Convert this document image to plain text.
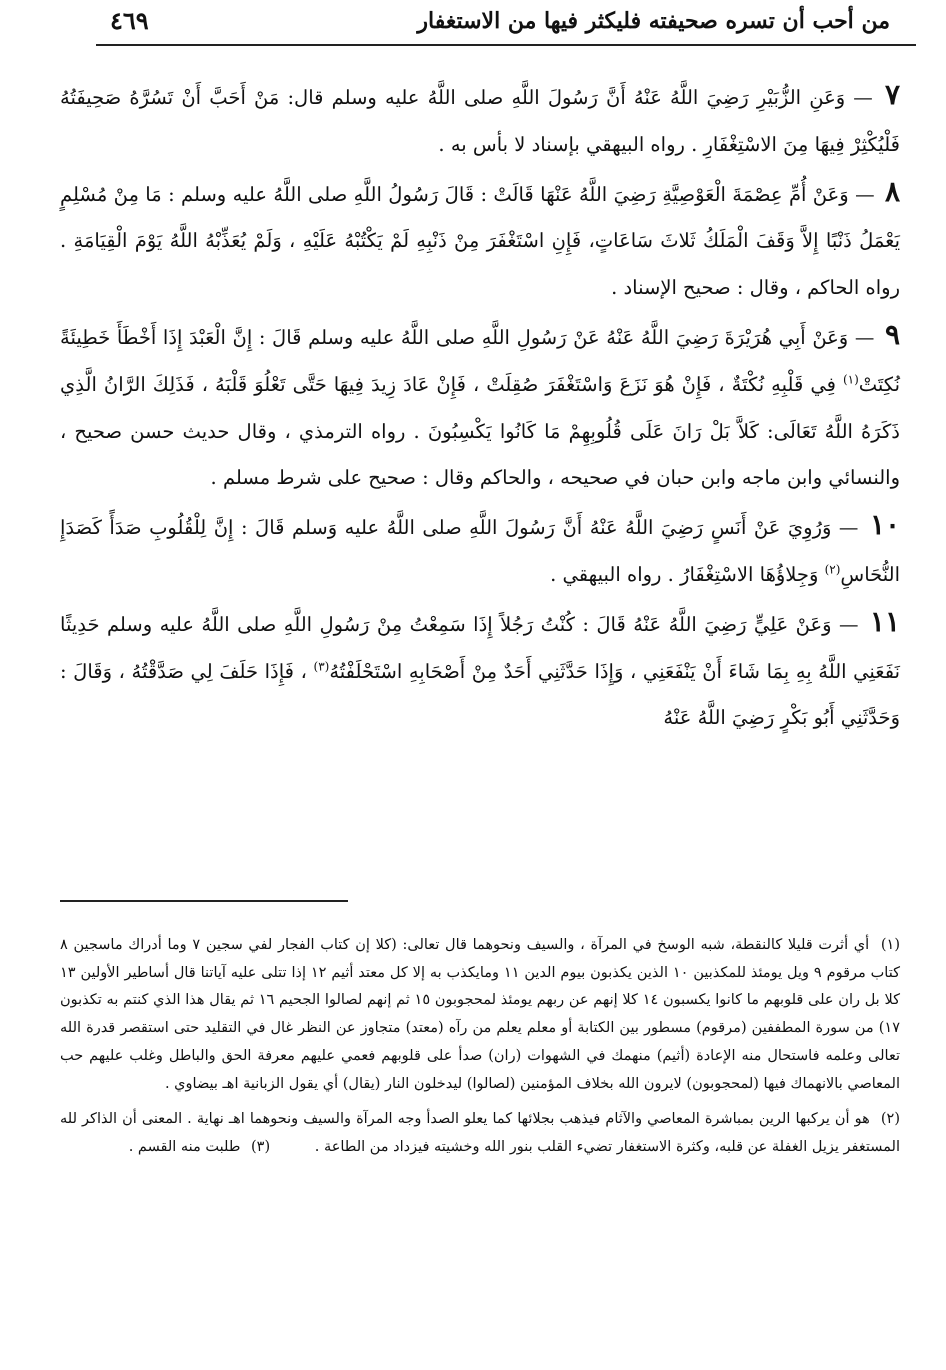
من أحب أن تسره صحيفته فليكثر فيها من الاستغفار
٤٦٩

٧ — وَعَنِ الزُّبَيْرِ رَضِيَ اللَّهُ عَنْهُ أَنَّ رَسُولَ اللَّهِ صلى اللَّهُ عليه وسلم قال: مَنْ أَحَبَّ أَنْ تَسُرَّهُ صَحِيفَتُهُ فَلْيُكْثِرْ فِيهَا مِنَ الاسْتِغْفَارِ . رواه البيهقي بإسناد لا بأس به .

٨ — وَعَنْ أُمِّ عِصْمَةَ الْعَوْصِيَّةِ رَضِيَ اللَّهُ عَنْهَا قَالَتْ : قَالَ رَسُولُ اللَّهِ صلى اللَّهُ عليه وسلم : مَا مِنْ مُسْلِمٍ يَعْمَلُ ذَنْبًا إِلاَّ وَقَفَ الْمَلَكُ ثَلاثَ سَاعَاتٍ، فَإِنِ اسْتَغْفَرَ مِنْ ذَنْبِهِ لَمْ يَكْتُبْهُ عَلَيْهِ ، وَلَمْ يُعَذِّبْهُ اللَّهُ يَوْمَ الْقِيَامَةِ . رواه الحاكم ، وقال : صحيح الإسناد .

٩ — وَعَنْ أَبِي هُرَيْرَةَ رَضِيَ اللَّهُ عَنْهُ عَنْ رَسُولِ اللَّهِ صلى اللَّهُ عليه وسلم قَالَ : إِنَّ الْعَبْدَ إِذَا أَخْطَأَ خَطِيئَةً نُكِتَتْ$^{(١)}$ فِي قَلْبِهِ نُكْتَةٌ ، فَإِنْ هُوَ نَزَعَ وَاسْتَغْفَرَ صُقِلَتْ ، فَإِنْ عَادَ زِيدَ فِيهَا حَتَّى تَعْلُوَ قَلْبَهُ ، فَذَلِكَ الرَّانُ الَّذِي ذَكَرَهُ اللَّهُ تَعَالَى: كَلاَّ بَلْ رَانَ عَلَى قُلُوبِهِمْ مَا كَانُوا يَكْسِبُونَ . رواه الترمذي ، وقال حديث حسن صحيح ، والنسائي وابن ماجه وابن حبان في صحيحه ، والحاكم وقال : صحيح على شرط مسلم .

١٠ — وَرُوِيَ عَنْ أَنَسٍ رَضِيَ اللَّهُ عَنْهُ أَنَّ رَسُولَ اللَّهِ صلى اللَّهُ عليه وَسلم قَالَ : إِنَّ لِلْقُلُوبِ صَدَأً كَصَدَإِ النُّحَاسِ$^{(٢)}$ وَجِلاؤُهَا الاسْتِغْفَارُ . رواه البيهقي .

١١ — وَعَنْ عَلِيٍّ رَضِيَ اللَّهُ عَنْهُ قَالَ : كُنْتُ رَجُلاً إِذَا سَمِعْتُ مِنْ رَسُولِ اللَّهِ صلى اللَّهُ عليه وسلم حَدِيثًا نَفَعَنِي اللَّهُ بِهِ بِمَا شَاءَ أَنْ يَنْفَعَنِي ، وَإِذَا حَدَّثَنِي أَحَدٌ مِنْ أَصْحَابِهِ اسْتَحْلَفْتُهُ$^{(٣)}$ ، فَإِذَا حَلَفَ لِي صَدَّقْتُهُ ، وَقَالَ : وَحَدَّثَنِي أَبُو بَكْرٍ رَضِيَ اللَّهُ عَنْهُ

(١) أي أثرت قليلا كالنقطة، شبه الوسخ في المرآة ، والسيف ونحوهما قال تعالى: (كلا إن كتاب الفجار لفي سجين ٧ وما أدراك ماسجين ٨ كتاب مرقوم ٩ ويل يومئذ للمكذبين ١٠ الذين يكذبون بيوم الدين ١١ ومايكذب به إلا كل معتد أثيم ١٢ إذا تتلى عليه آياتنا قال أساطير الأولين ١٣ كلا بل ران على قلوبهم ما كانوا يكسبون ١٤ كلا إنهم عن ربهم يومئذ لمحجوبون ١٥ ثم إنهم لصالوا الجحيم ١٦ ثم يقال هذا الذي كنتم به تكذبون ١٧) من سورة المطففين (مرقوم) مسطور بين الكتابة أو معلم يعلم من رآه (معتد) متجاوز عن النظر غال في التقليد حتى استقصر قدرة الله تعالى وعلمه فاستحال منه الإعادة (أثيم) منهمك في الشهوات (ران) صدأ على قلوبهم فعمي عليهم معرفة الحق والباطل وغلب عليهم حب المعاصي بالانهماك فيها (لمحجوبون) لايرون الله بخلاف المؤمنين (لصالوا) ليدخلون النار (يقال) أي يقول الزبانية اهـ بيضاوي .

(٢) هو أن يركبها الرين بمباشرة المعاصي والآثام فيذهب بجلائها كما يعلو الصدأ وجه المرآة والسيف ونحوهما اهـ نهاية . المعنى أن الذاكر لله المستغفر يزيل الغفلة عن قلبه، وكثرة الاستغفار تضيء القلب بنور الله وخشيته فيزداد من الطاعة . (٣) طلبت منه القسم .
